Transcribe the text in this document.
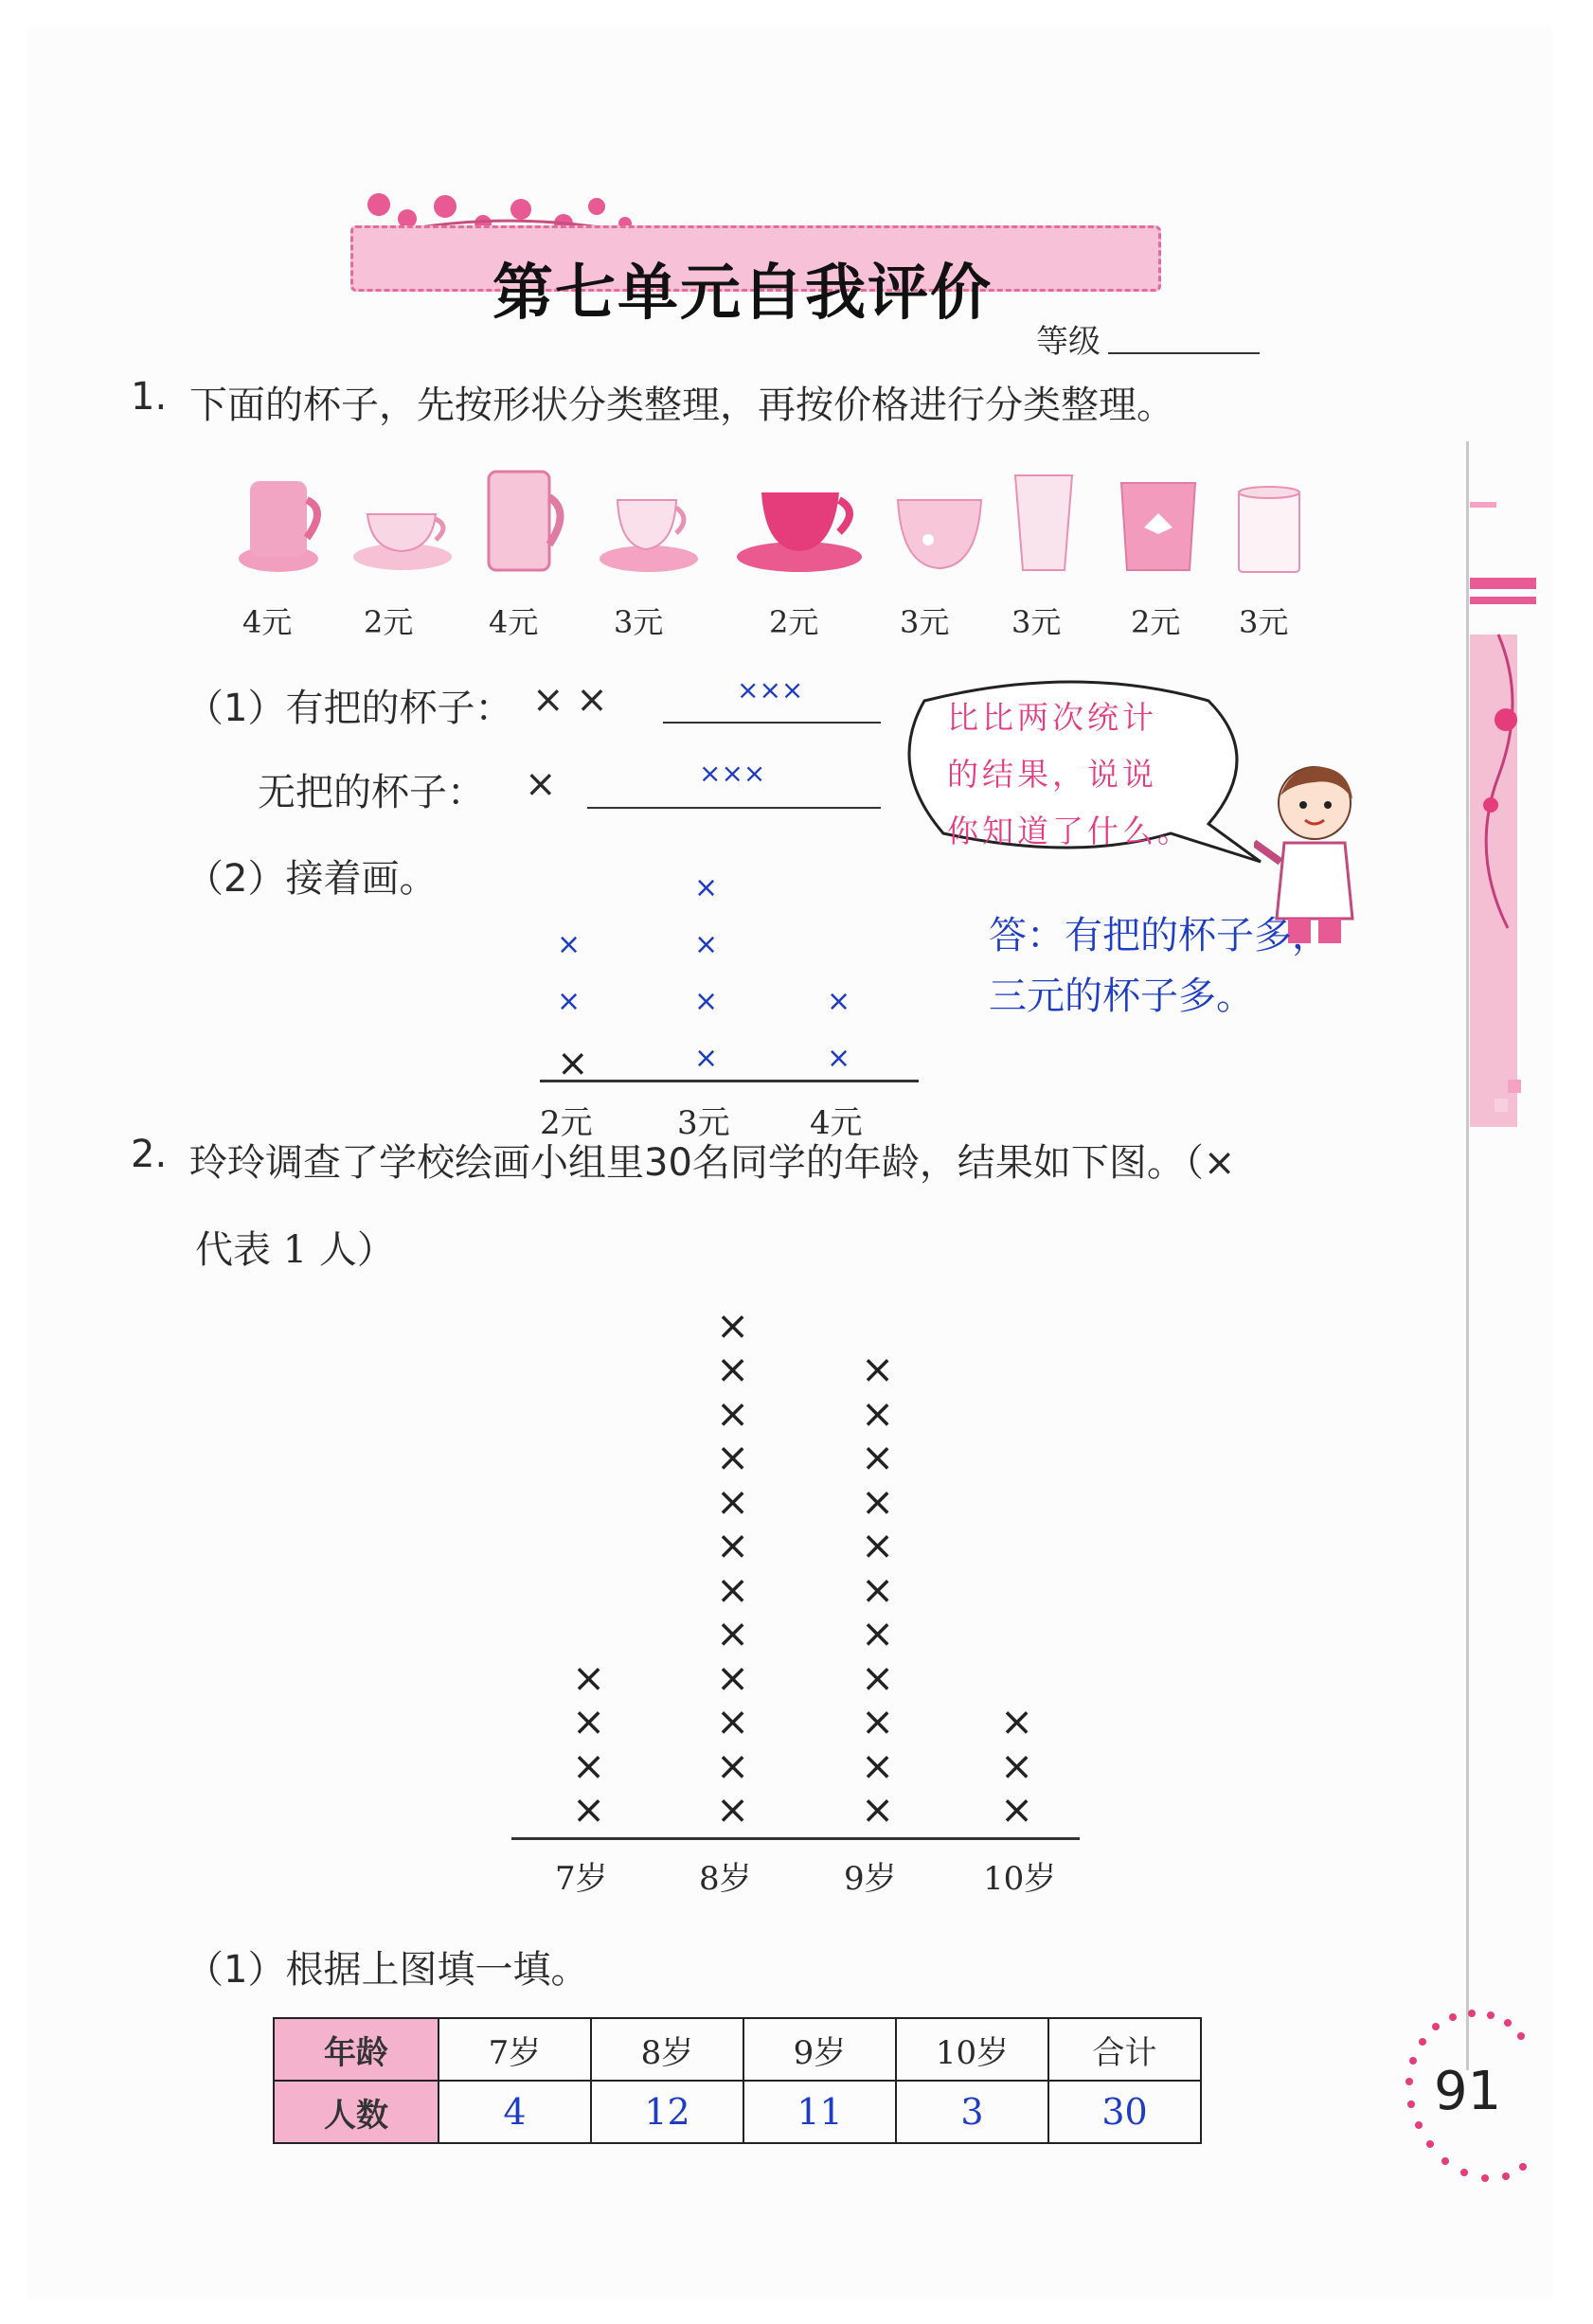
第七单元自我评价
等级
1. 下面的杯子，先按形状分类整理，再按价格进行分类整理。
4元 2元 4元 3元	2元	3元 3元 2元 3元
（1）有把的杯子： × ×	×××
无把的杯子： ×	×××
（2）接着画。
×
×
×
2元
×
×
×
×
3元
×
×
4元
比比两次统计
的结果，说说
你知道了什么。
答：有把的杯子多，
三元的杯子多。
2. 玲玲调查了学校绘画小组里30名同学的年龄，结果如下图。（×
代表 1 人）
×
×
×
×
7岁
×
×
×
×
×
×
×
×
×
×
×
×
8岁
×
×
×
×
×
×
×
×
×
×
×
9岁
×
×
×
10岁
（1）根据上图填一填。
年龄	7岁	8岁	9岁	10岁	合计
人数	4	12	11	3	30	91
